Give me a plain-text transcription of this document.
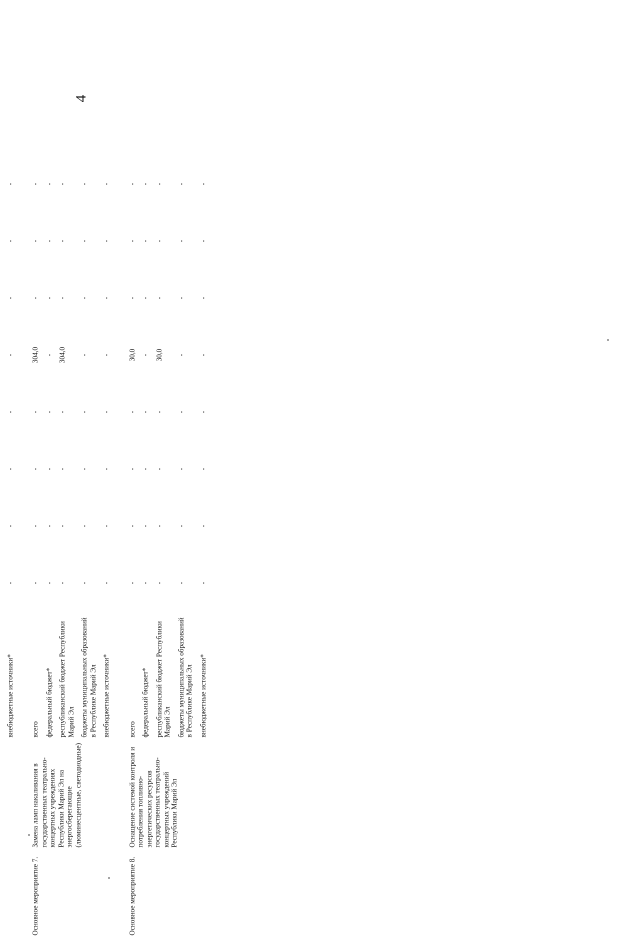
4

		внебюджетные источники*	-	-	-	-	-	-	-	-

Основное мероприятие 7.	Замена ламп накаливания в государственных театрально-концертных учреждениях Республики Марий Эл на энергосберегающие (люминесцентные, светодиодные)	всего	-	-	-	-	304,0	-	-	-
		федеральный бюджет*	-	-	-	-	-	-	-	-
		республиканский бюджет Республики Марий Эл	-	-	-	-	304,0	-	-	-
		бюджеты муниципальных образований в Республике Марий Эл	-	-	-	-	-	-	-	-
		внебюджетные источники*	-	-	-	-	-	-	-	-

Основное мероприятие 8.	Оснащение системой контроля и потребления топливно-энергетических ресурсов государственных театрально-концертных учреждений Республики Марий Эл	всего	-	-	-	-	30,0	-	-	-
		федеральный бюджет*	-	-	-	-	-	-	-	-
		республиканский бюджет Республики Марий Эл	-	-	-	-	30,0	-	-	-
		бюджеты муниципальных образований в Республике Марий Эл	-	-	-	-	-	-	-	-
		внебюджетные источники*	-	-	-	-	-	-	-	-
